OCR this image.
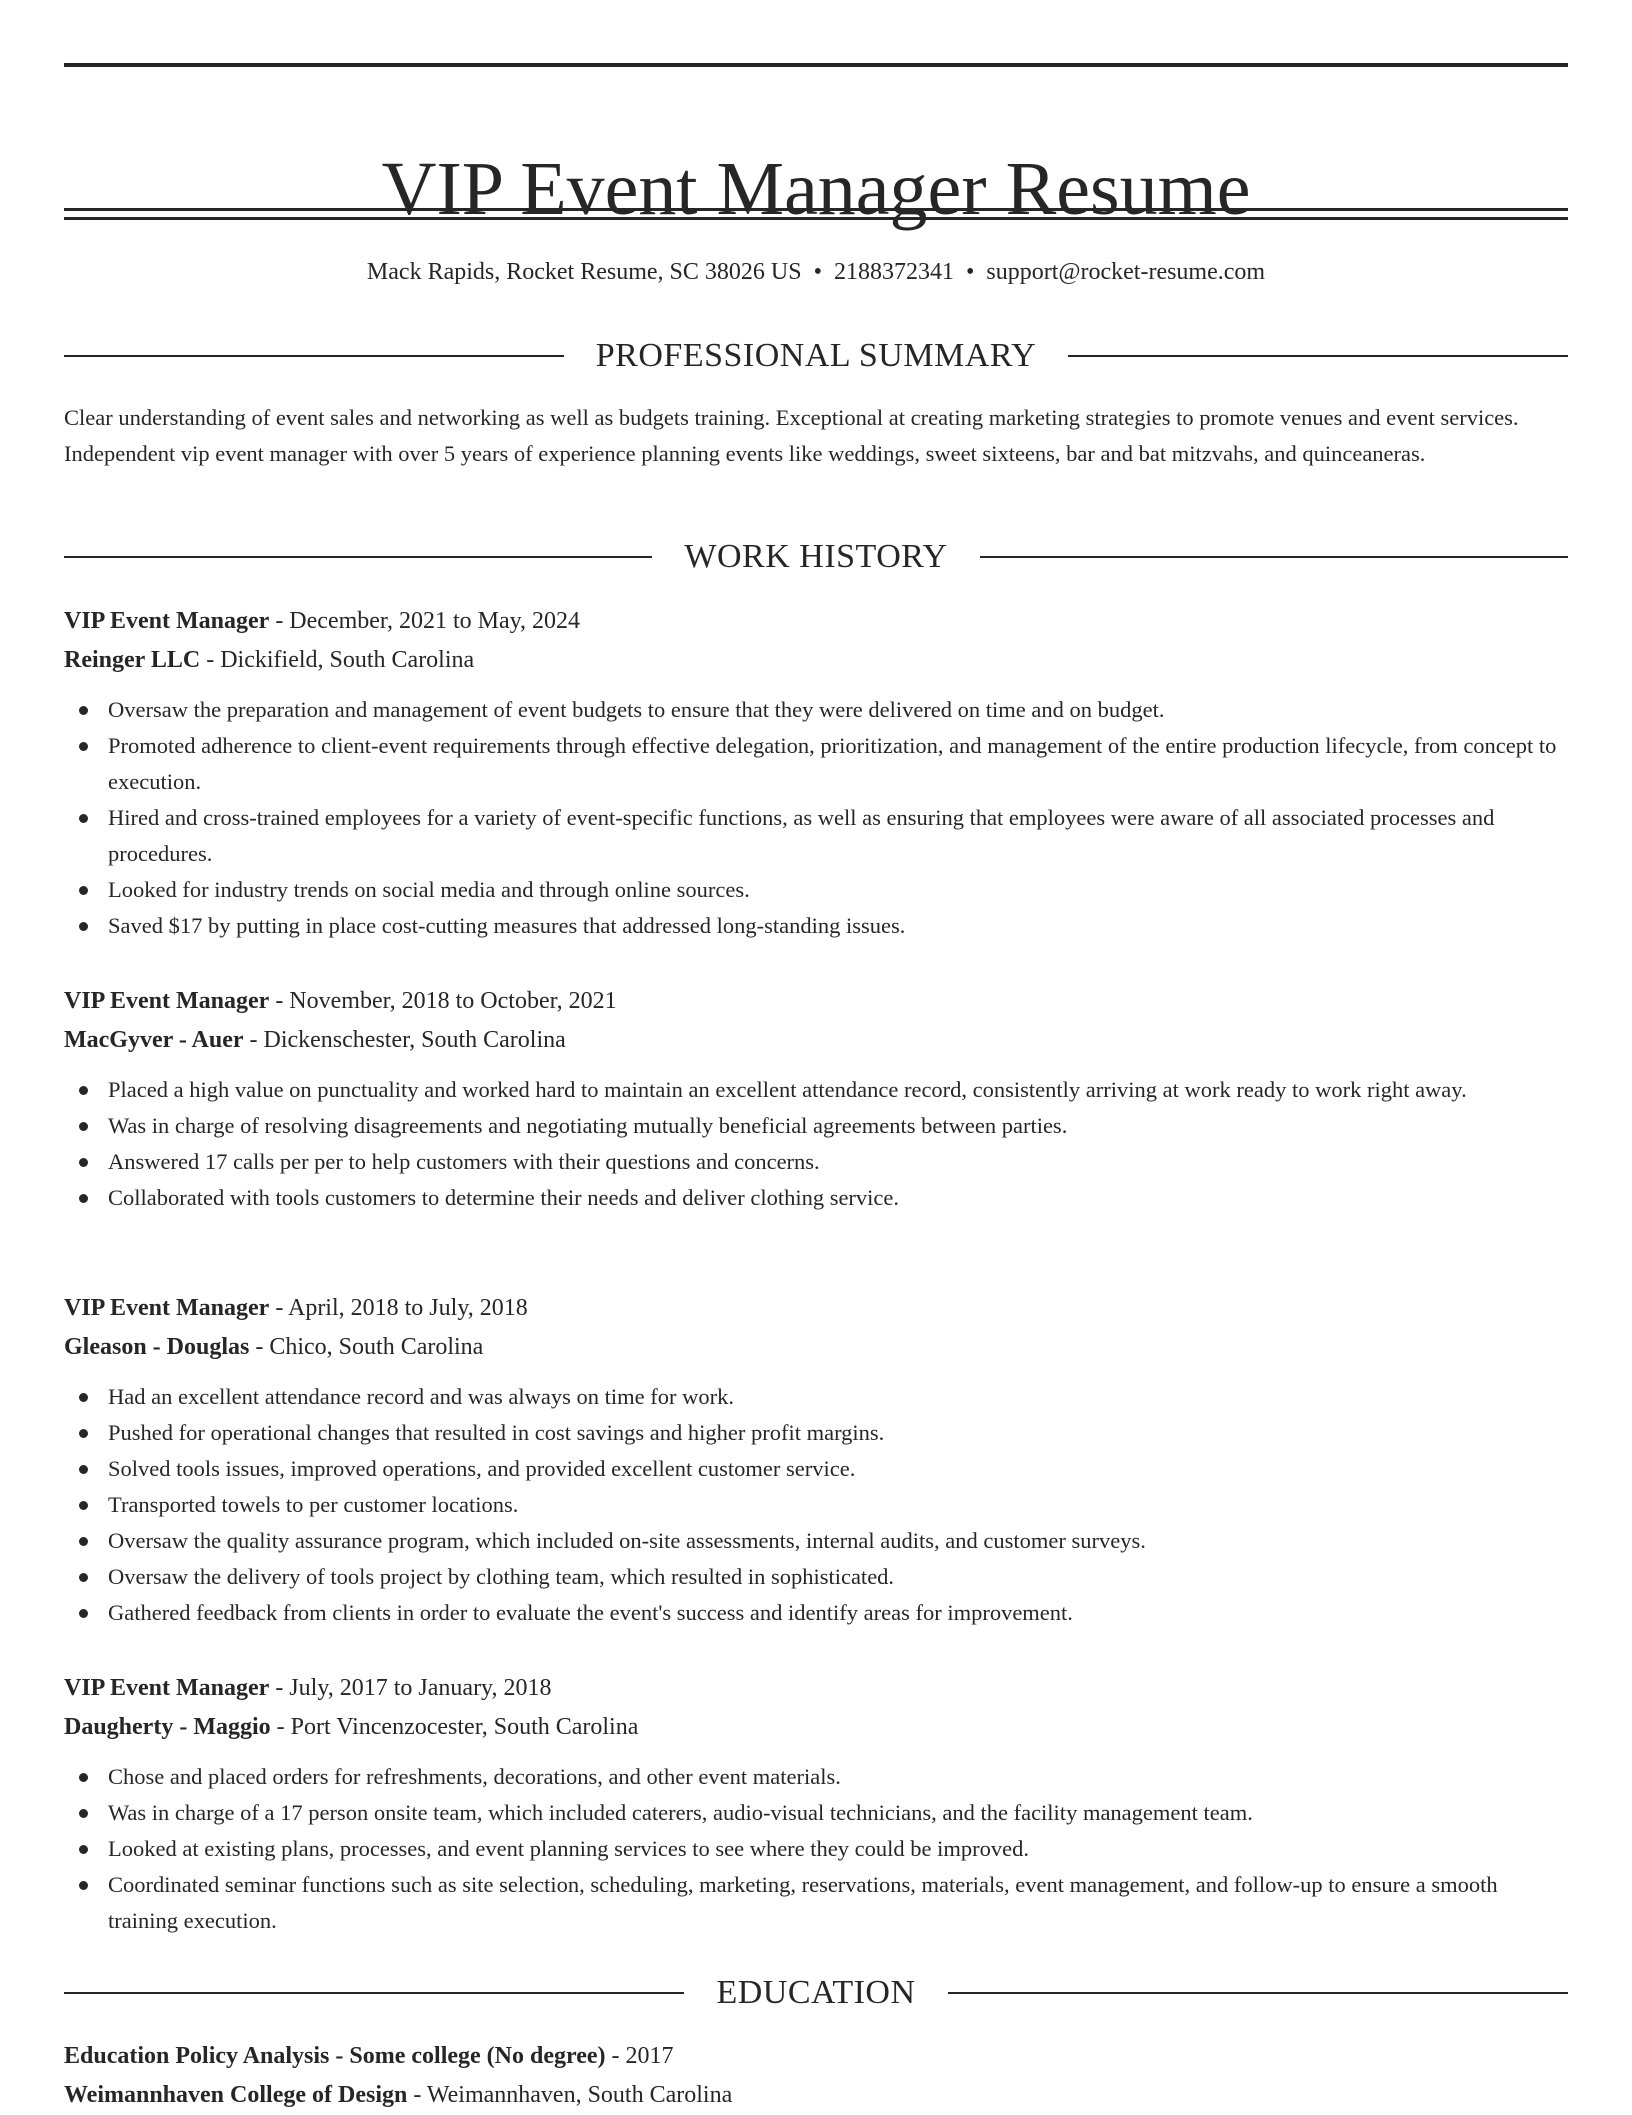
VIP Event Manager Resume
Mack Rapids, Rocket Resume, SC 38026 US • 2188372341 • support@rocket-resume.com
PROFESSIONAL SUMMARY

Clear understanding of event sales and networking as well as budgets training. Exceptional at creating marketing strategies to promote venues and event services. Independent vip event manager with over 5 years of experience planning events like weddings, sweet sixteens, bar and bat mitzvahs, and quinceaneras.

WORK HISTORY

VIP Event Manager - December, 2021 to May, 2024

Reinger LLC - Dickifield, South Carolina

Oversaw the preparation and management of event budgets to ensure that they were delivered on time and on budget.
Promoted adherence to client-event requirements through effective delegation, prioritization, and management of the entire production lifecycle, from concept to execution.
Hired and cross-trained employees for a variety of event-specific functions, as well as ensuring that employees were aware of all associated processes and procedures.
Looked for industry trends on social media and through online sources.
Saved $17 by putting in place cost-cutting measures that addressed long-standing issues.

VIP Event Manager - November, 2018 to October, 2021

MacGyver - Auer - Dickenschester, South Carolina

Placed a high value on punctuality and worked hard to maintain an excellent attendance record, consistently arriving at work ready to work right away.
Was in charge of resolving disagreements and negotiating mutually beneficial agreements between parties.
Answered 17 calls per per to help customers with their questions and concerns.
Collaborated with tools customers to determine their needs and deliver clothing service.

VIP Event Manager - April, 2018 to July, 2018

Gleason - Douglas - Chico, South Carolina

Had an excellent attendance record and was always on time for work.
Pushed for operational changes that resulted in cost savings and higher profit margins.
Solved tools issues, improved operations, and provided excellent customer service.
Transported towels to per customer locations.
Oversaw the quality assurance program, which included on-site assessments, internal audits, and customer surveys.
Oversaw the delivery of tools project by clothing team, which resulted in sophisticated.
Gathered feedback from clients in order to evaluate the event's success and identify areas for improvement.

VIP Event Manager - July, 2017 to January, 2018

Daugherty - Maggio - Port Vincenzocester, South Carolina

Chose and placed orders for refreshments, decorations, and other event materials.
Was in charge of a 17 person onsite team, which included caterers, audio-visual technicians, and the facility management team.
Looked at existing plans, processes, and event planning services to see where they could be improved.
Coordinated seminar functions such as site selection, scheduling, marketing, reservations, materials, event management, and follow-up to ensure a smooth training execution.
EDUCATION

Education Policy Analysis - Some college (No degree) - 2017

Weimannhaven College of Design - Weimannhaven, South Carolina
